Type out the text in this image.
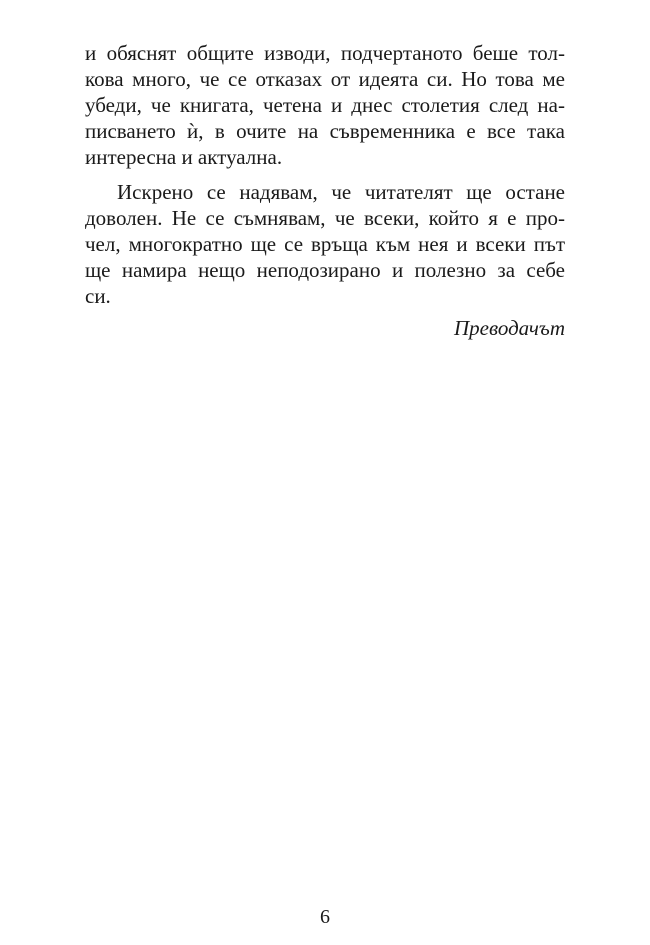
и обяснят общите изводи, подчертаното беше тол-
кова много, че се отказах от идеята си. Но това ме
убеди, че книгата, четена и днес столетия след на-
писването ѝ, в очите на съвременника е все така
интересна и актуална.
Искрено се надявам, че читателят ще остане
доволен. Не се съмнявам, че всеки, който я е про-
чел, многократно ще се връща към нея и всеки път
ще намира нещо неподозирано и полезно за себе
си.
Преводачът
6
